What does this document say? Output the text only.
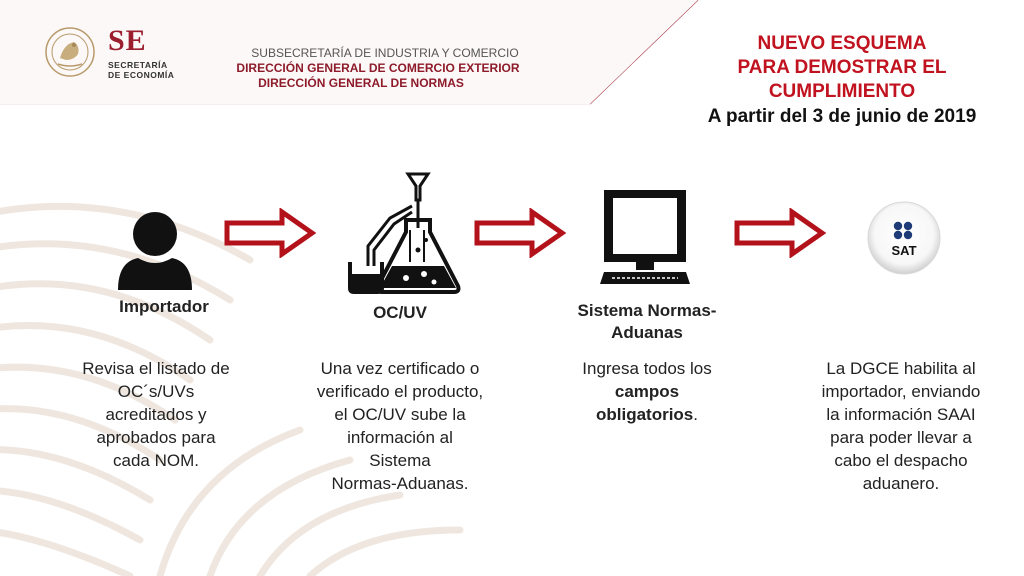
SE
SECRETARÍA
DE ECONOMÍA
SUBSECRETARÍA DE INDUSTRIA Y COMERCIO
DIRECCIÓN GENERAL DE COMERCIO EXTERIOR
DIRECCIÓN GENERAL DE NORMAS
NUEVO ESQUEMA
PARA DEMOSTRAR EL
CUMPLIMIENTO
A partir del 3 de junio de 2019
Importador
Revisa el listado de
OC´s/UVs
acreditados y
aprobados para
cada NOM.
OC/UV
Una vez certificado o
verificado el producto,
el OC/UV sube la
información al
Sistema
Normas-Aduanas.
Sistema Normas-
Aduanas
Ingresa todos los
campos
obligatorios.
SAT
La DGCE habilita al
importador, enviando
la información SAAI
para poder llevar a
cabo el despacho
aduanero.
